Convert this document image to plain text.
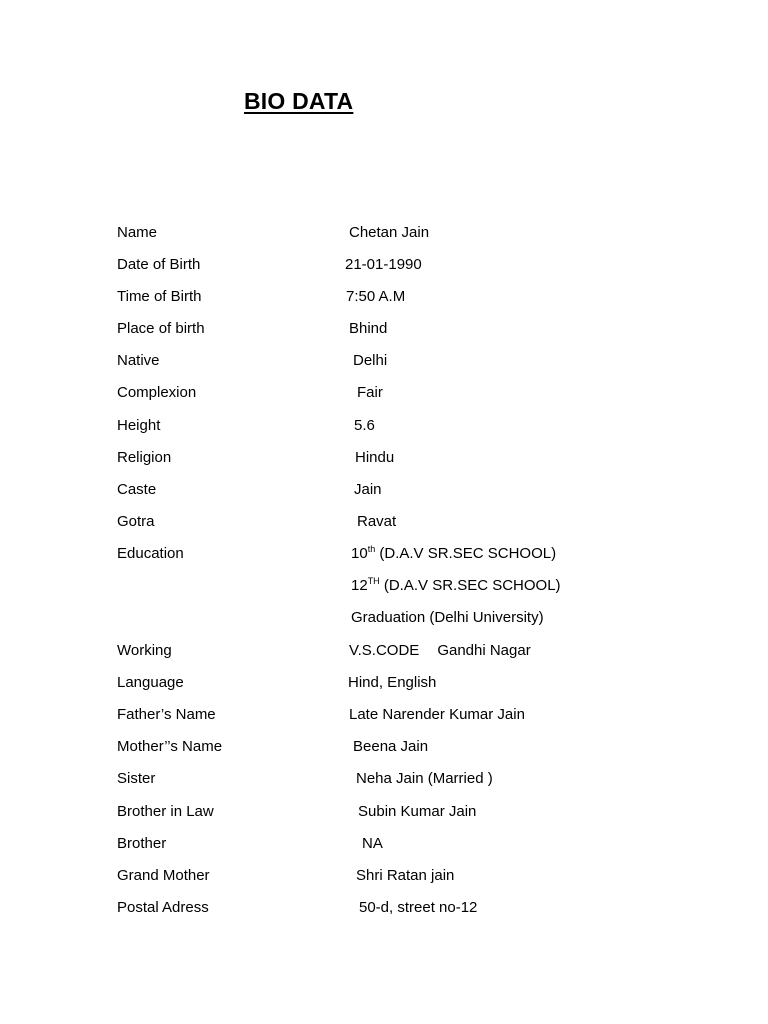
BIO DATA
Name	Chetan Jain
Date of Birth	21-01-1990
Time of Birth	7:50 A.M
Place of birth	Bhind
Native	Delhi
Complexion	Fair
Height	5.6
Religion	Hindu
Caste	Jain
Gotra	Ravat
Education	10th (D.A.V SR.SEC SCHOOL)
12TH (D.A.V SR.SEC SCHOOL)
Graduation (Delhi University)
Working	V.S.CODE Gandhi Nagar
Language	Hind, English
Father’s Name	Late Narender Kumar Jain
Mother’’s Name	Beena Jain
Sister	Neha Jain (Married )
Brother in Law	Subin Kumar Jain
Brother	NA
Grand Mother	Shri Ratan jain
Postal Adress	50-d, street no-12
